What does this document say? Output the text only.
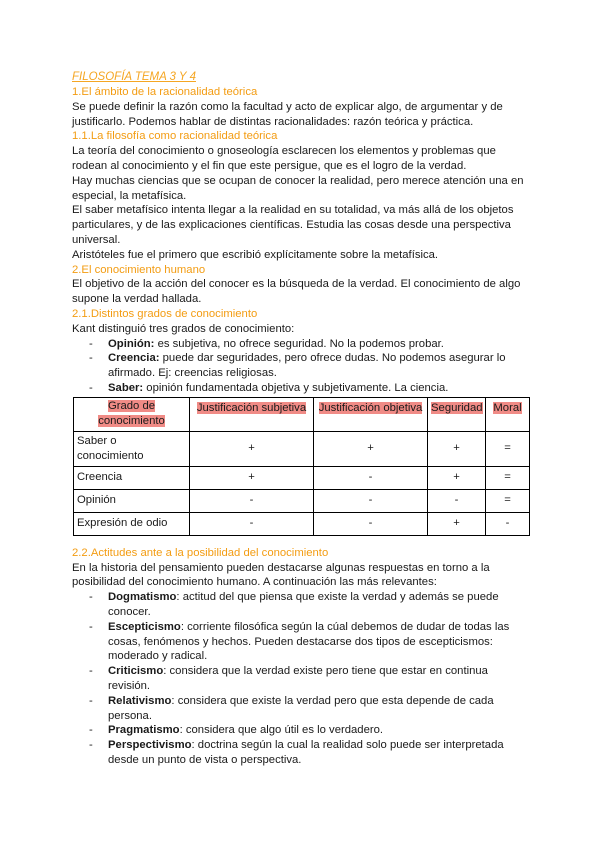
FILOSOFÍA TEMA 3 Y 4
1.El ámbito de la racionalidad teórica

Se puede definir la razón como la facultad y acto de explicar algo, de argumentar y de justificarlo. Podemos hablar de distintas racionalidades: razón teórica y práctica.

1.1.La filosofía como racionalidad teórica

La teoría del conocimiento o gnoseología esclarecen los elementos y problemas que rodean al conocimiento y el fin que este persigue, que es el logro de la verdad.

Hay muchas ciencias que se ocupan de conocer la realidad, pero merece atención una en especial, la metafísica.

El saber metafísico intenta llegar a la realidad en su totalidad, va más allá de los objetos particulares, y de las explicaciones científicas. Estudia las cosas desde una perspectiva universal.

Aristóteles fue el primero que escribió explícitamente sobre la metafísica.

2.El conocimiento humano

El objetivo de la acción del conocer es la búsqueda de la verdad. El conocimiento de algo supone la verdad hallada.

2.1.Distintos grados de conocimiento

Kant distinguió tres grados de conocimiento:

- Opinión: es subjetiva, no ofrece seguridad. No la podemos probar.
- Creencia: puede dar seguridades, pero ofrece dudas. No podemos asegurar lo afirmado. Ej: creencias religiosas.
- Saber: opinión fundamentada objetiva y subjetivamente. La ciencia.
Grado de conocimiento	Justificación subjetiva	Justificación objetiva	Seguridad	Moral
Saber o conocimiento	+	+	+	=
Creencia	+	-	+	=
Opinión	-	-	-	=
Expresión de odio	-	-	+	-
2.2.Actitudes ante a la posibilidad del conocimiento

En la historia del pensamiento pueden destacarse algunas respuestas en torno a la posibilidad del conocimiento humano. A continuación las más relevantes:

- Dogmatismo: actitud del que piensa que existe la verdad y además se puede conocer.
- Escepticismo: corriente filosófica según la cúal debemos de dudar de todas las cosas, fenómenos y hechos. Pueden destacarse dos tipos de escepticismos: moderado y radical.
- Criticismo: considera que la verdad existe pero tiene que estar en continua revisión.
- Relativismo: considera que existe la verdad pero que esta depende de cada persona.
- Pragmatismo: considera que algo útil es lo verdadero.
- Perspectivismo: doctrina según la cual la realidad solo puede ser interpretada desde un punto de vista o perspectiva.
